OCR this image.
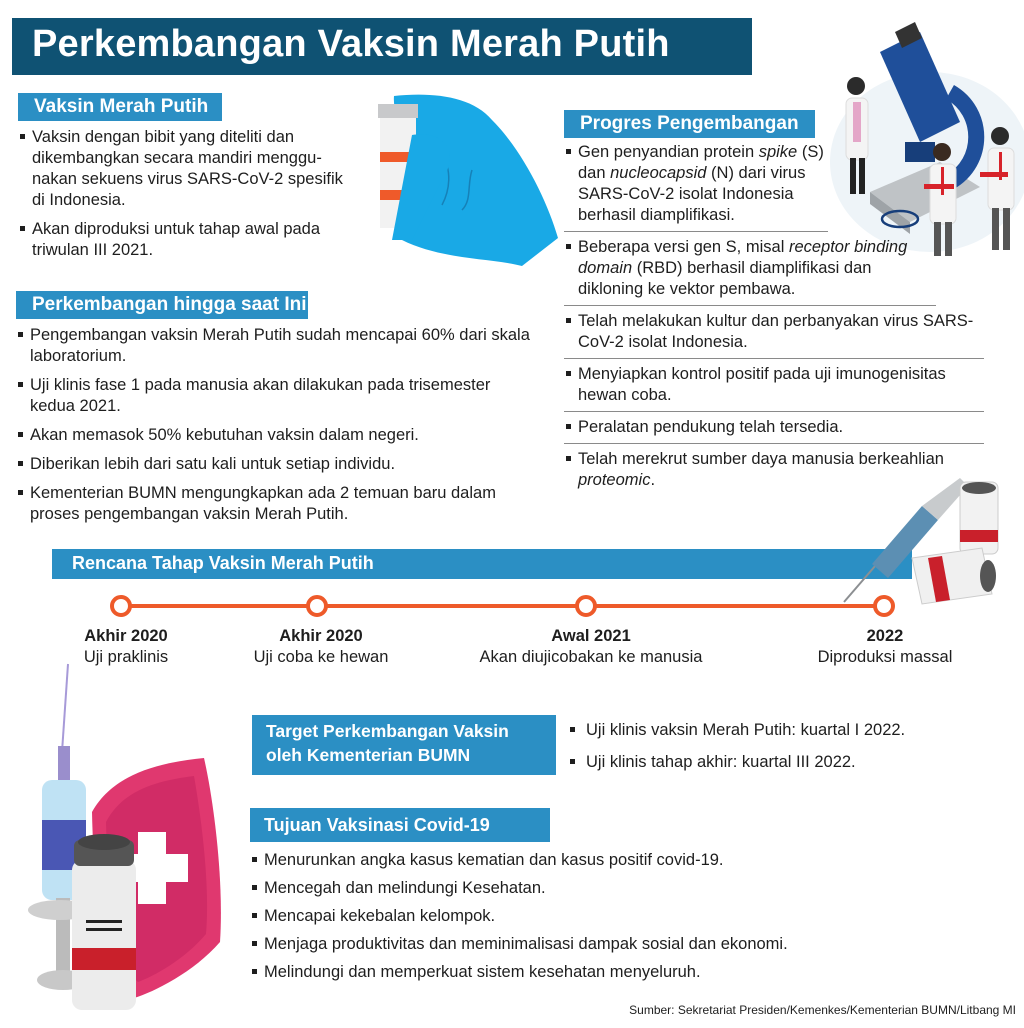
Perkembangan Vaksin Merah Putih
Vaksin Merah Putih
Vaksin dengan bibit yang diteliti dan dikembangkan secara mandiri menggu-nakan sekuens virus SARS-CoV-2 spesifik di Indonesia.
Akan diproduksi untuk tahap awal pada triwulan III 2021.
Perkembangan hingga saat Ini
Pengembangan vaksin Merah Putih sudah mencapai 60% dari skala laboratorium.
Uji klinis fase 1 pada manusia akan dilakukan pada trisemester kedua 2021.
Akan memasok 50% kebutuhan vaksin dalam negeri.
Diberikan lebih dari satu kali untuk setiap individu.
Kementerian BUMN mengungkapkan ada 2 temuan baru dalam proses pengembangan vaksin Merah Putih.
Progres Pengembangan
Gen penyandian protein spike (S) dan nucleocapsid (N) dari virus SARS-CoV-2 isolat Indonesia berhasil diamplifikasi.
Beberapa versi gen S, misal receptor binding domain (RBD) berhasil diamplifikasi dan dikloning ke vektor pembawa.
Telah melakukan kultur dan perbanyakan virus SARS-CoV-2 isolat Indonesia.
Menyiapkan kontrol positif pada uji imunogenisitas hewan coba.
Peralatan pendukung telah tersedia.
Telah merekrut sumber daya manusia berkeahlian proteomic.
Rencana Tahap Vaksin Merah Putih
Akhir 2020
Uji praklinis
Akhir 2020
Uji coba ke hewan
Awal 2021
Akan diujicobakan ke manusia
2022
Diproduksi massal
Target Perkembangan Vaksin
oleh Kementerian BUMN
Uji klinis vaksin Merah Putih: kuartal I 2022.
Uji klinis tahap akhir: kuartal III 2022.
Tujuan Vaksinasi Covid-19
Menurunkan angka kasus kematian dan kasus positif covid-19.
Mencegah dan melindungi Kesehatan.
Mencapai kekebalan kelompok.
Menjaga produktivitas dan meminimalisasi dampak sosial dan ekonomi.
Melindungi dan memperkuat sistem kesehatan menyeluruh.
Sumber: Sekretariat Presiden/Kemenkes/Kementerian BUMN/Litbang MI
